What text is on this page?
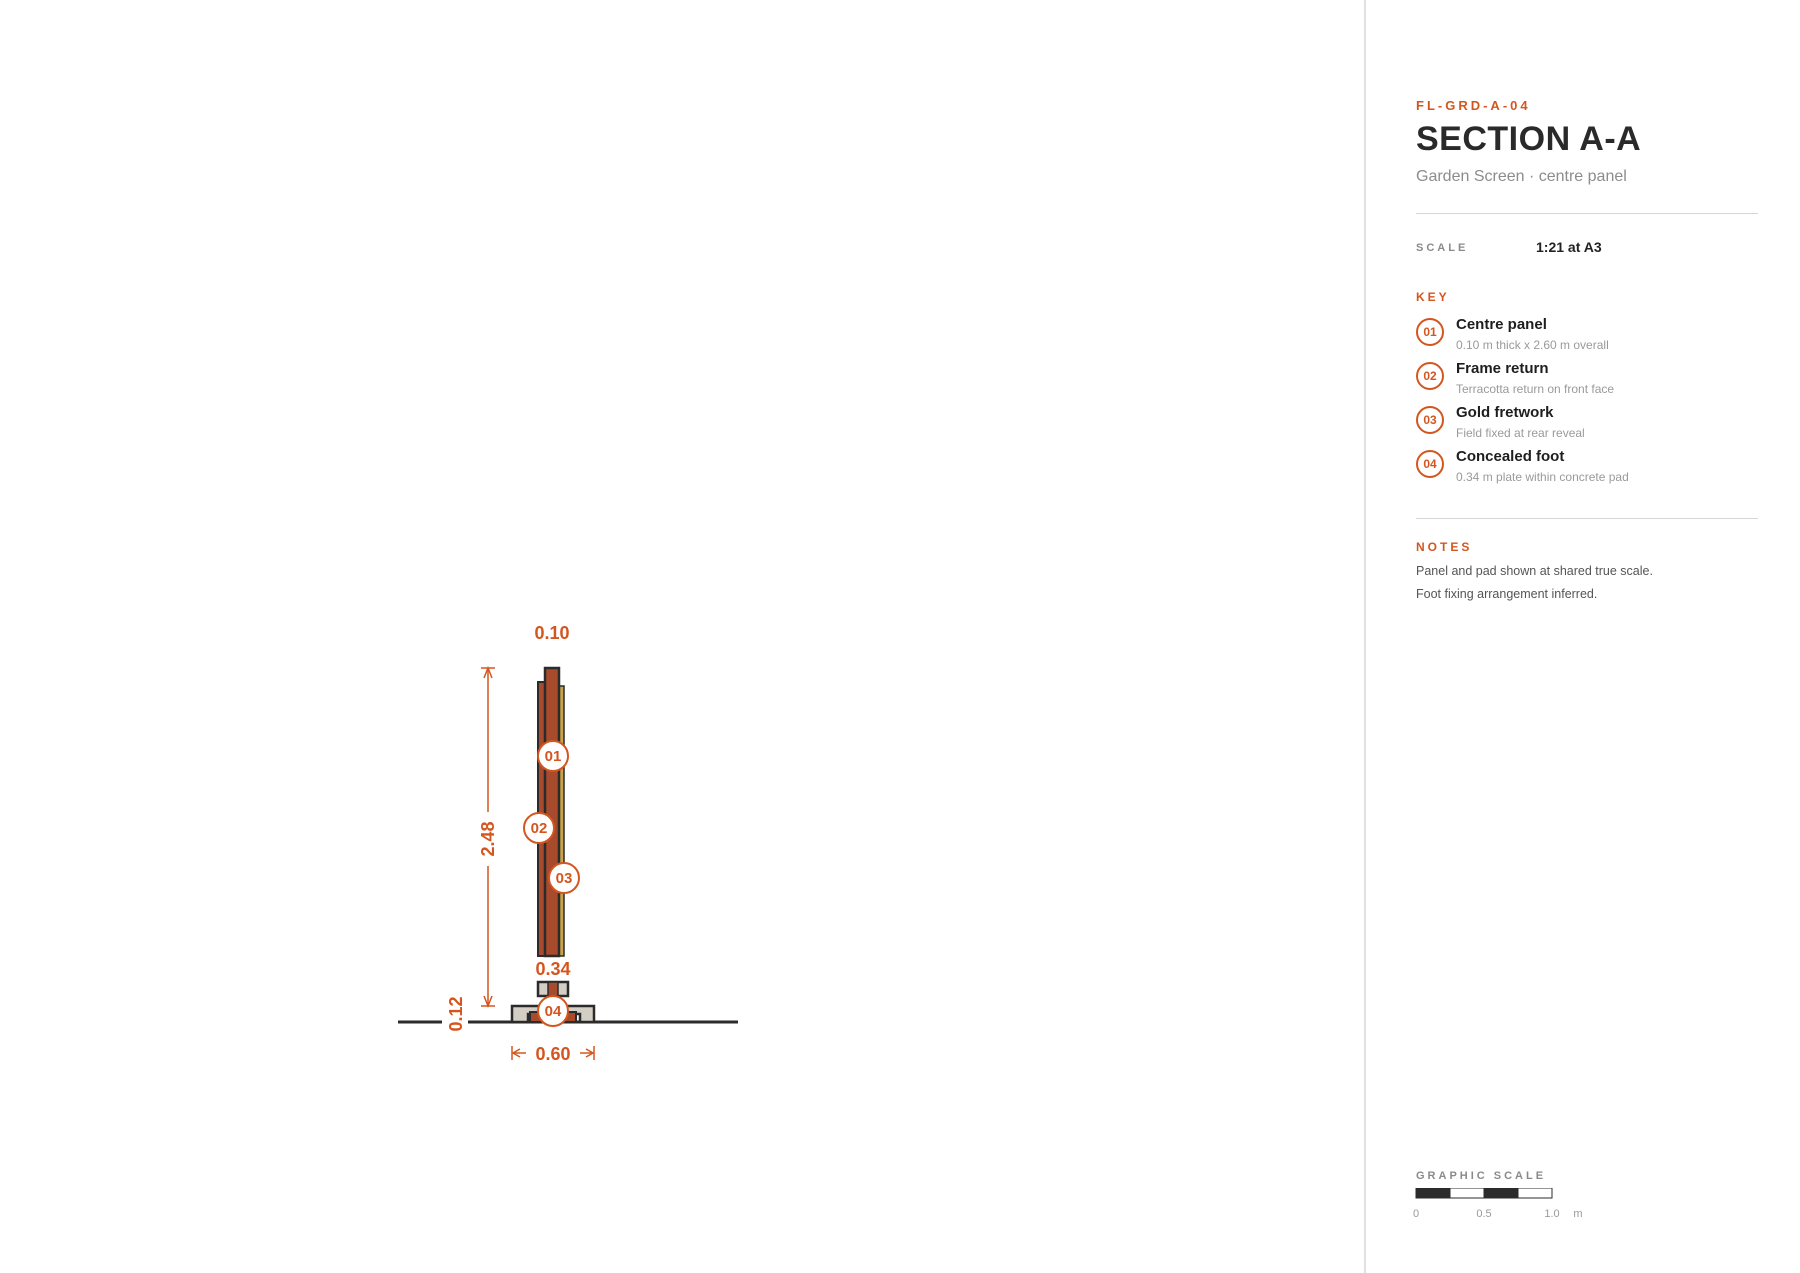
0.10
2.48
0.34
0.12
0.60
01
02
03
04
FL-GRD-A-04
SECTION A-A
Garden Screen · centre panel
SCALE	1:21 at A3
KEY
01	Centre panel
0.10 m thick x 2.60 m overall
02	Frame return
Terracotta return on front face
03	Gold fretwork
Field fixed at rear reveal
04	Concealed foot
0.34 m plate within concrete pad
NOTES
Panel and pad shown at shared true scale.
Foot fixing arrangement inferred.
GRAPHIC SCALE
0	0.5	1.0 m
